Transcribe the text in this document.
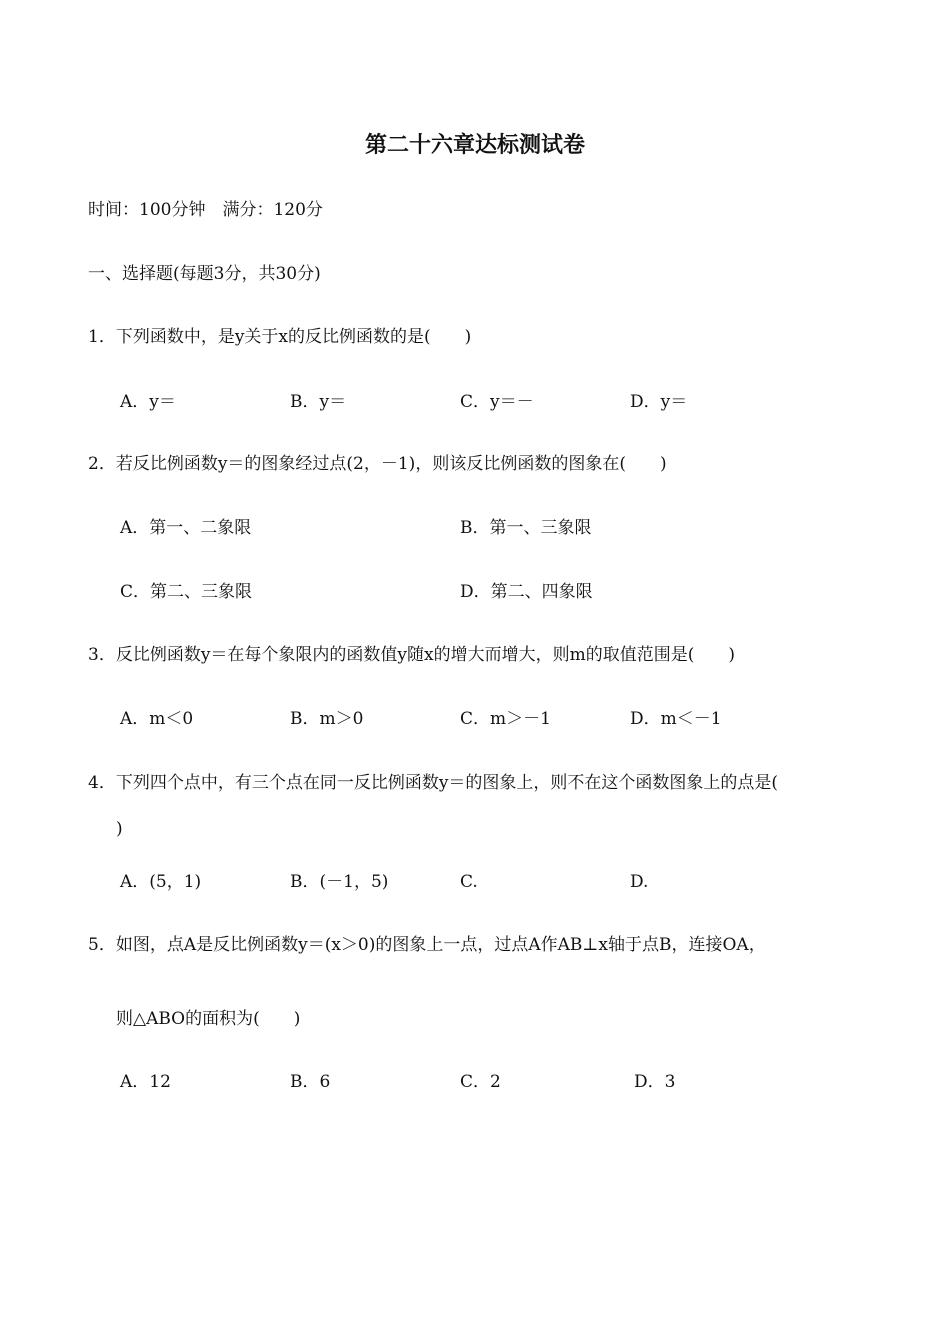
第二十六章达标测试卷
时间：100分钟　满分：120分
一、选择题(每题3分，共30分)
1．下列函数中，是y关于x的反比例函数的是(　　)
A．y＝	B．y＝	C．y＝－	D．y＝
2．若反比例函数y＝的图象经过点(2，－1)，则该反比例函数的图象在(　　)
A．第一、二象限	B．第一、三象限
C．第二、三象限	D．第二、四象限
3．反比例函数y＝在每个象限内的函数值y随x的增大而增大，则m的取值范围是(　　)
A．m＜0	B．m＞0	C．m＞－1	D．m＜－1
4．下列四个点中，有三个点在同一反比例函数y＝的图象上，则不在这个函数图象上的点是(
)
A．(5，1)	B．(－1，5)	C.	D.
5．如图，点A是反比例函数y＝(x＞0)的图象上一点，过点A作AB⊥x轴于点B，连接OA，
则△ABO的面积为(　　)
A．12	B．6	C．2	D．3
